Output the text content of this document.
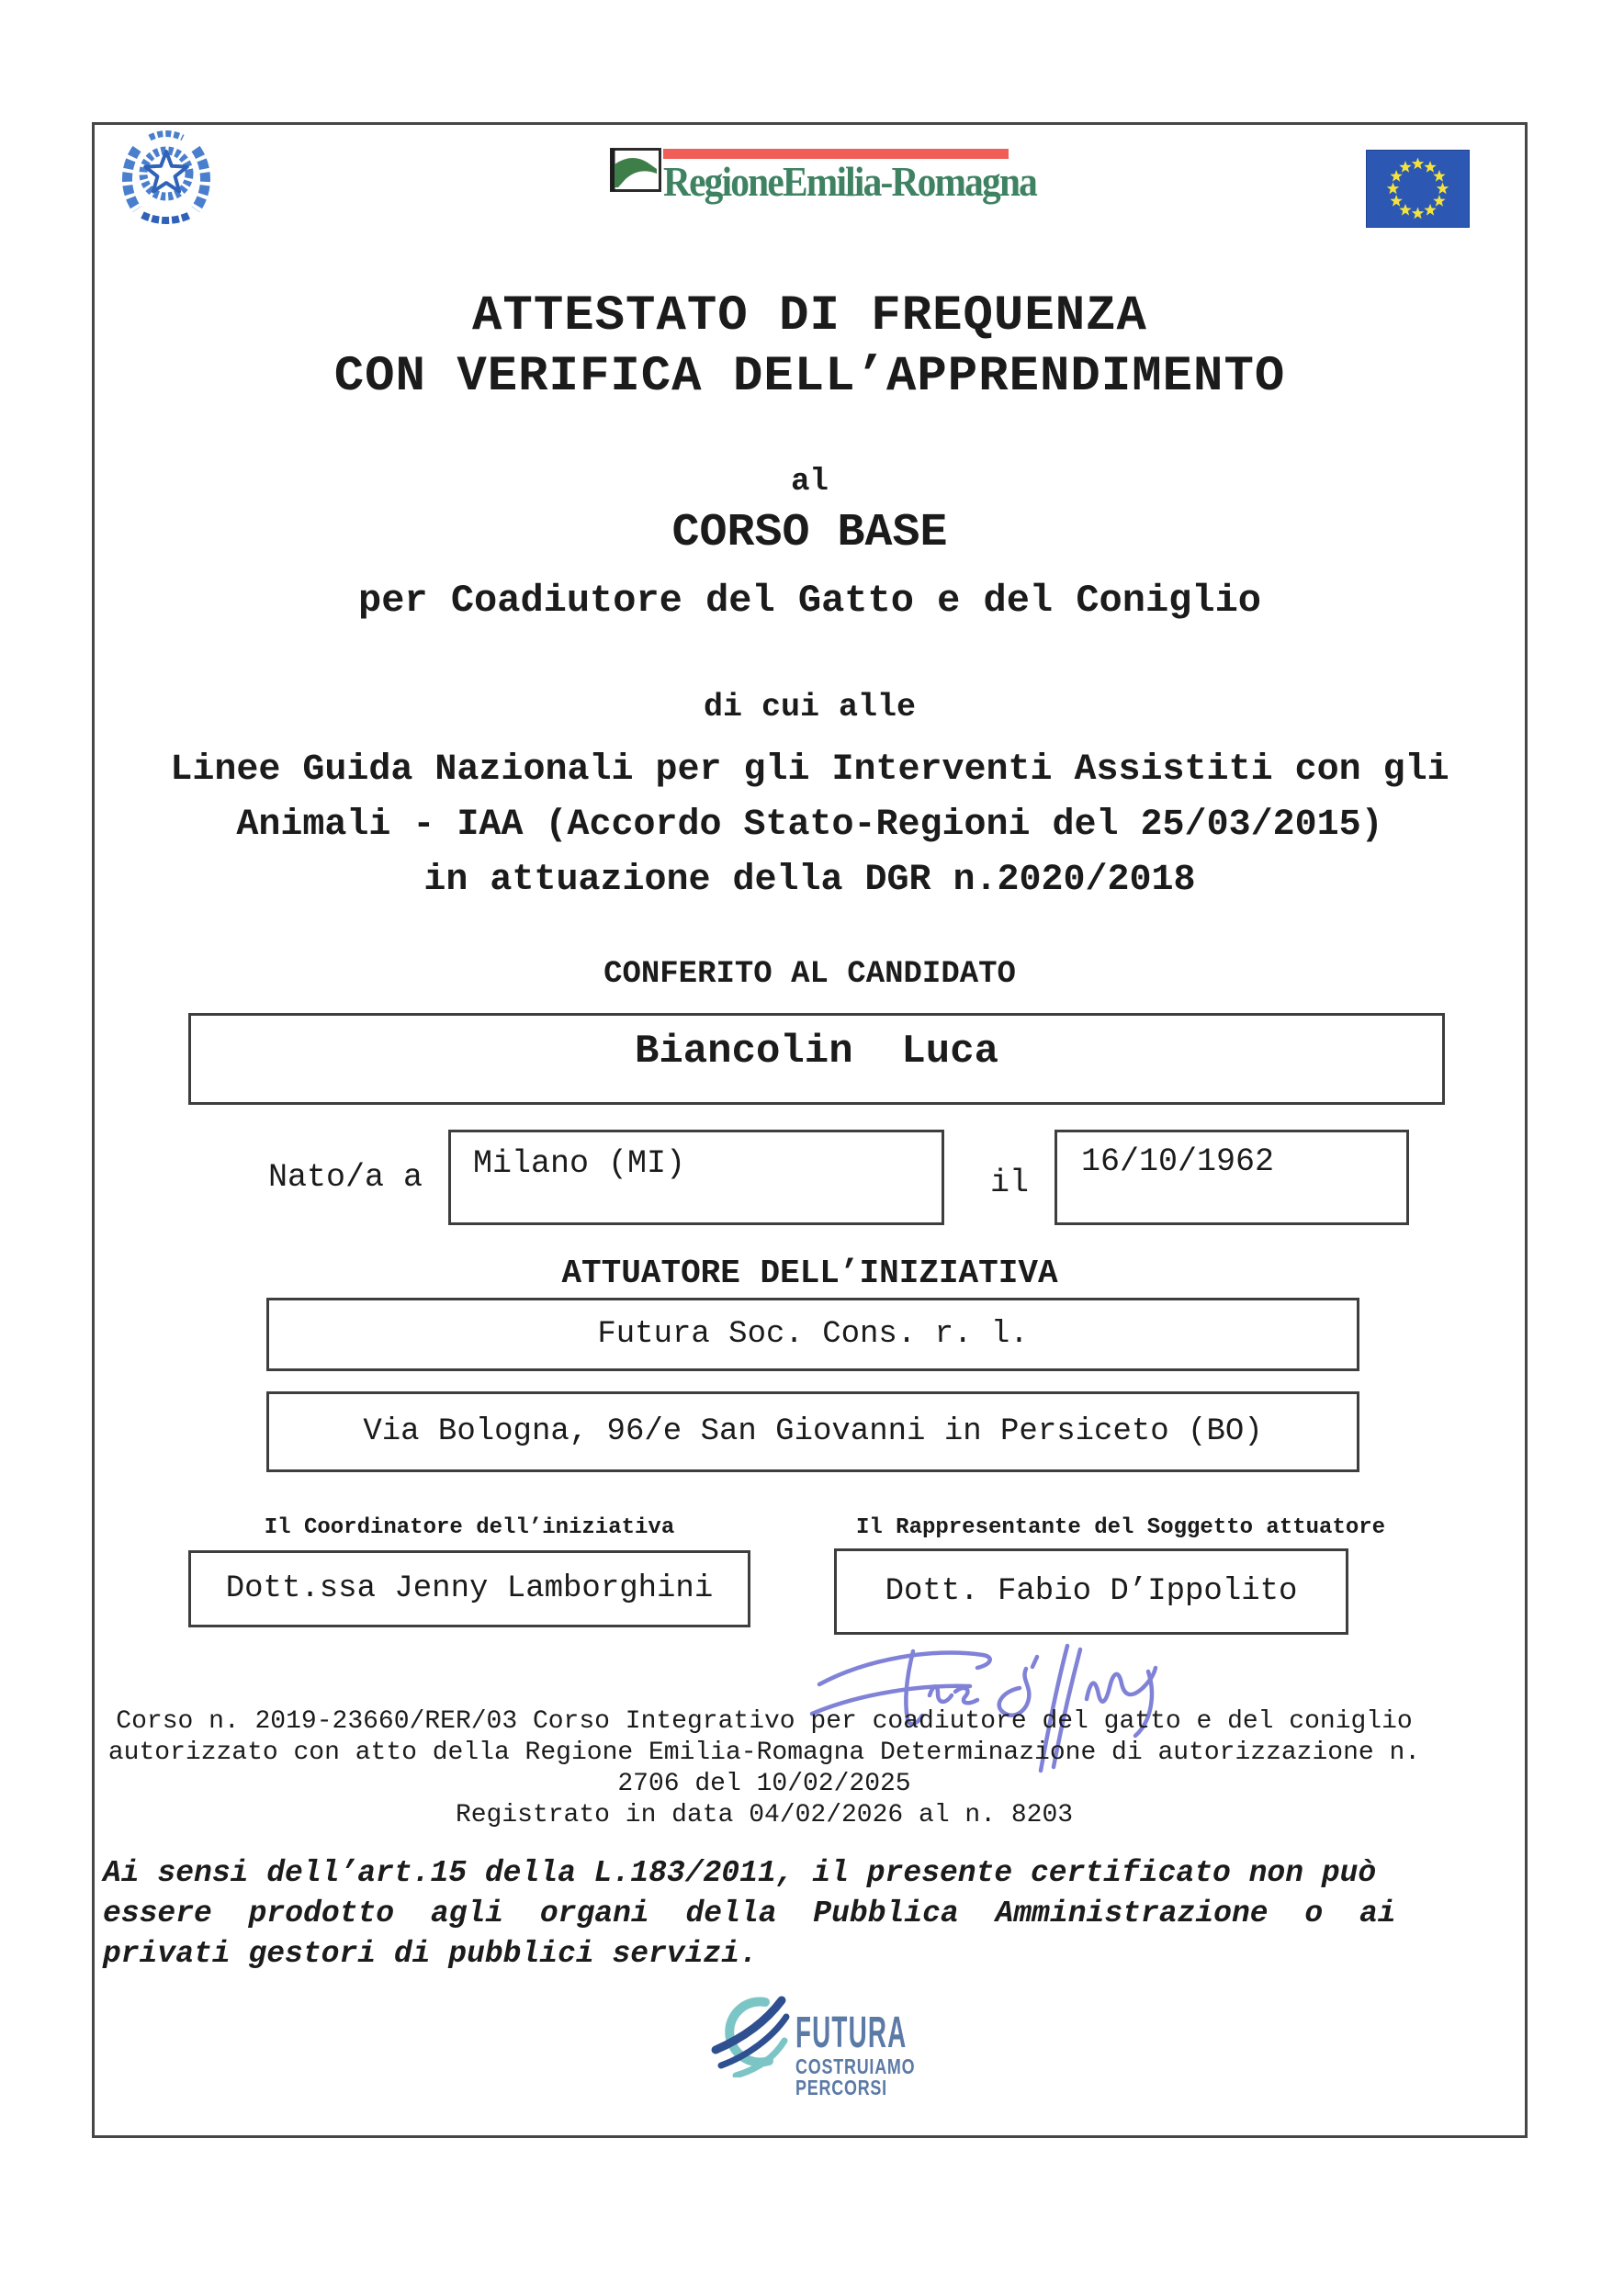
RegioneEmilia-Romagna
ATTESTATO DI FREQUENZA
CON VERIFICA DELL’APPRENDIMENTO
al
CORSO BASE
per Coadiutore del Gatto e del Coniglio
di cui alle
Linee Guida Nazionali per gli Interventi Assistiti con gli
Animali - IAA (Accordo Stato-Regioni del 25/03/2015)
in attuazione della DGR n.2020/2018
CONFERITO AL CANDIDATO
Biancolin  Luca
Nato/a a Milano (MI)
il
16/10/1962
ATTUATORE DELL’INIZIATIVA
Futura Soc. Cons. r. l.
Via Bologna, 96/e San Giovanni in Persiceto (BO)
Il Coordinatore dell’iniziativa	Il Rappresentante del Soggetto attuatore
Dott.ssa Jenny Lamborghini	Dott. Fabio D’Ippolito
Corso n. 2019-23660/RER/03 Corso Integrativo per coadiutore del gatto e del coniglio
autorizzato con atto della Regione Emilia-Romagna Determinazione di autorizzazione n.
2706 del 10/02/2025
Registrato in data 04/02/2026 al n. 8203
Ai sensi dell’art.15 della L.183/2011, il presente certificato non può
essere prodotto agli organi della Pubblica Amministrazione o ai
privati gestori di pubblici servizi.
FUTURA
COSTRUIAMO
PERCORSI
